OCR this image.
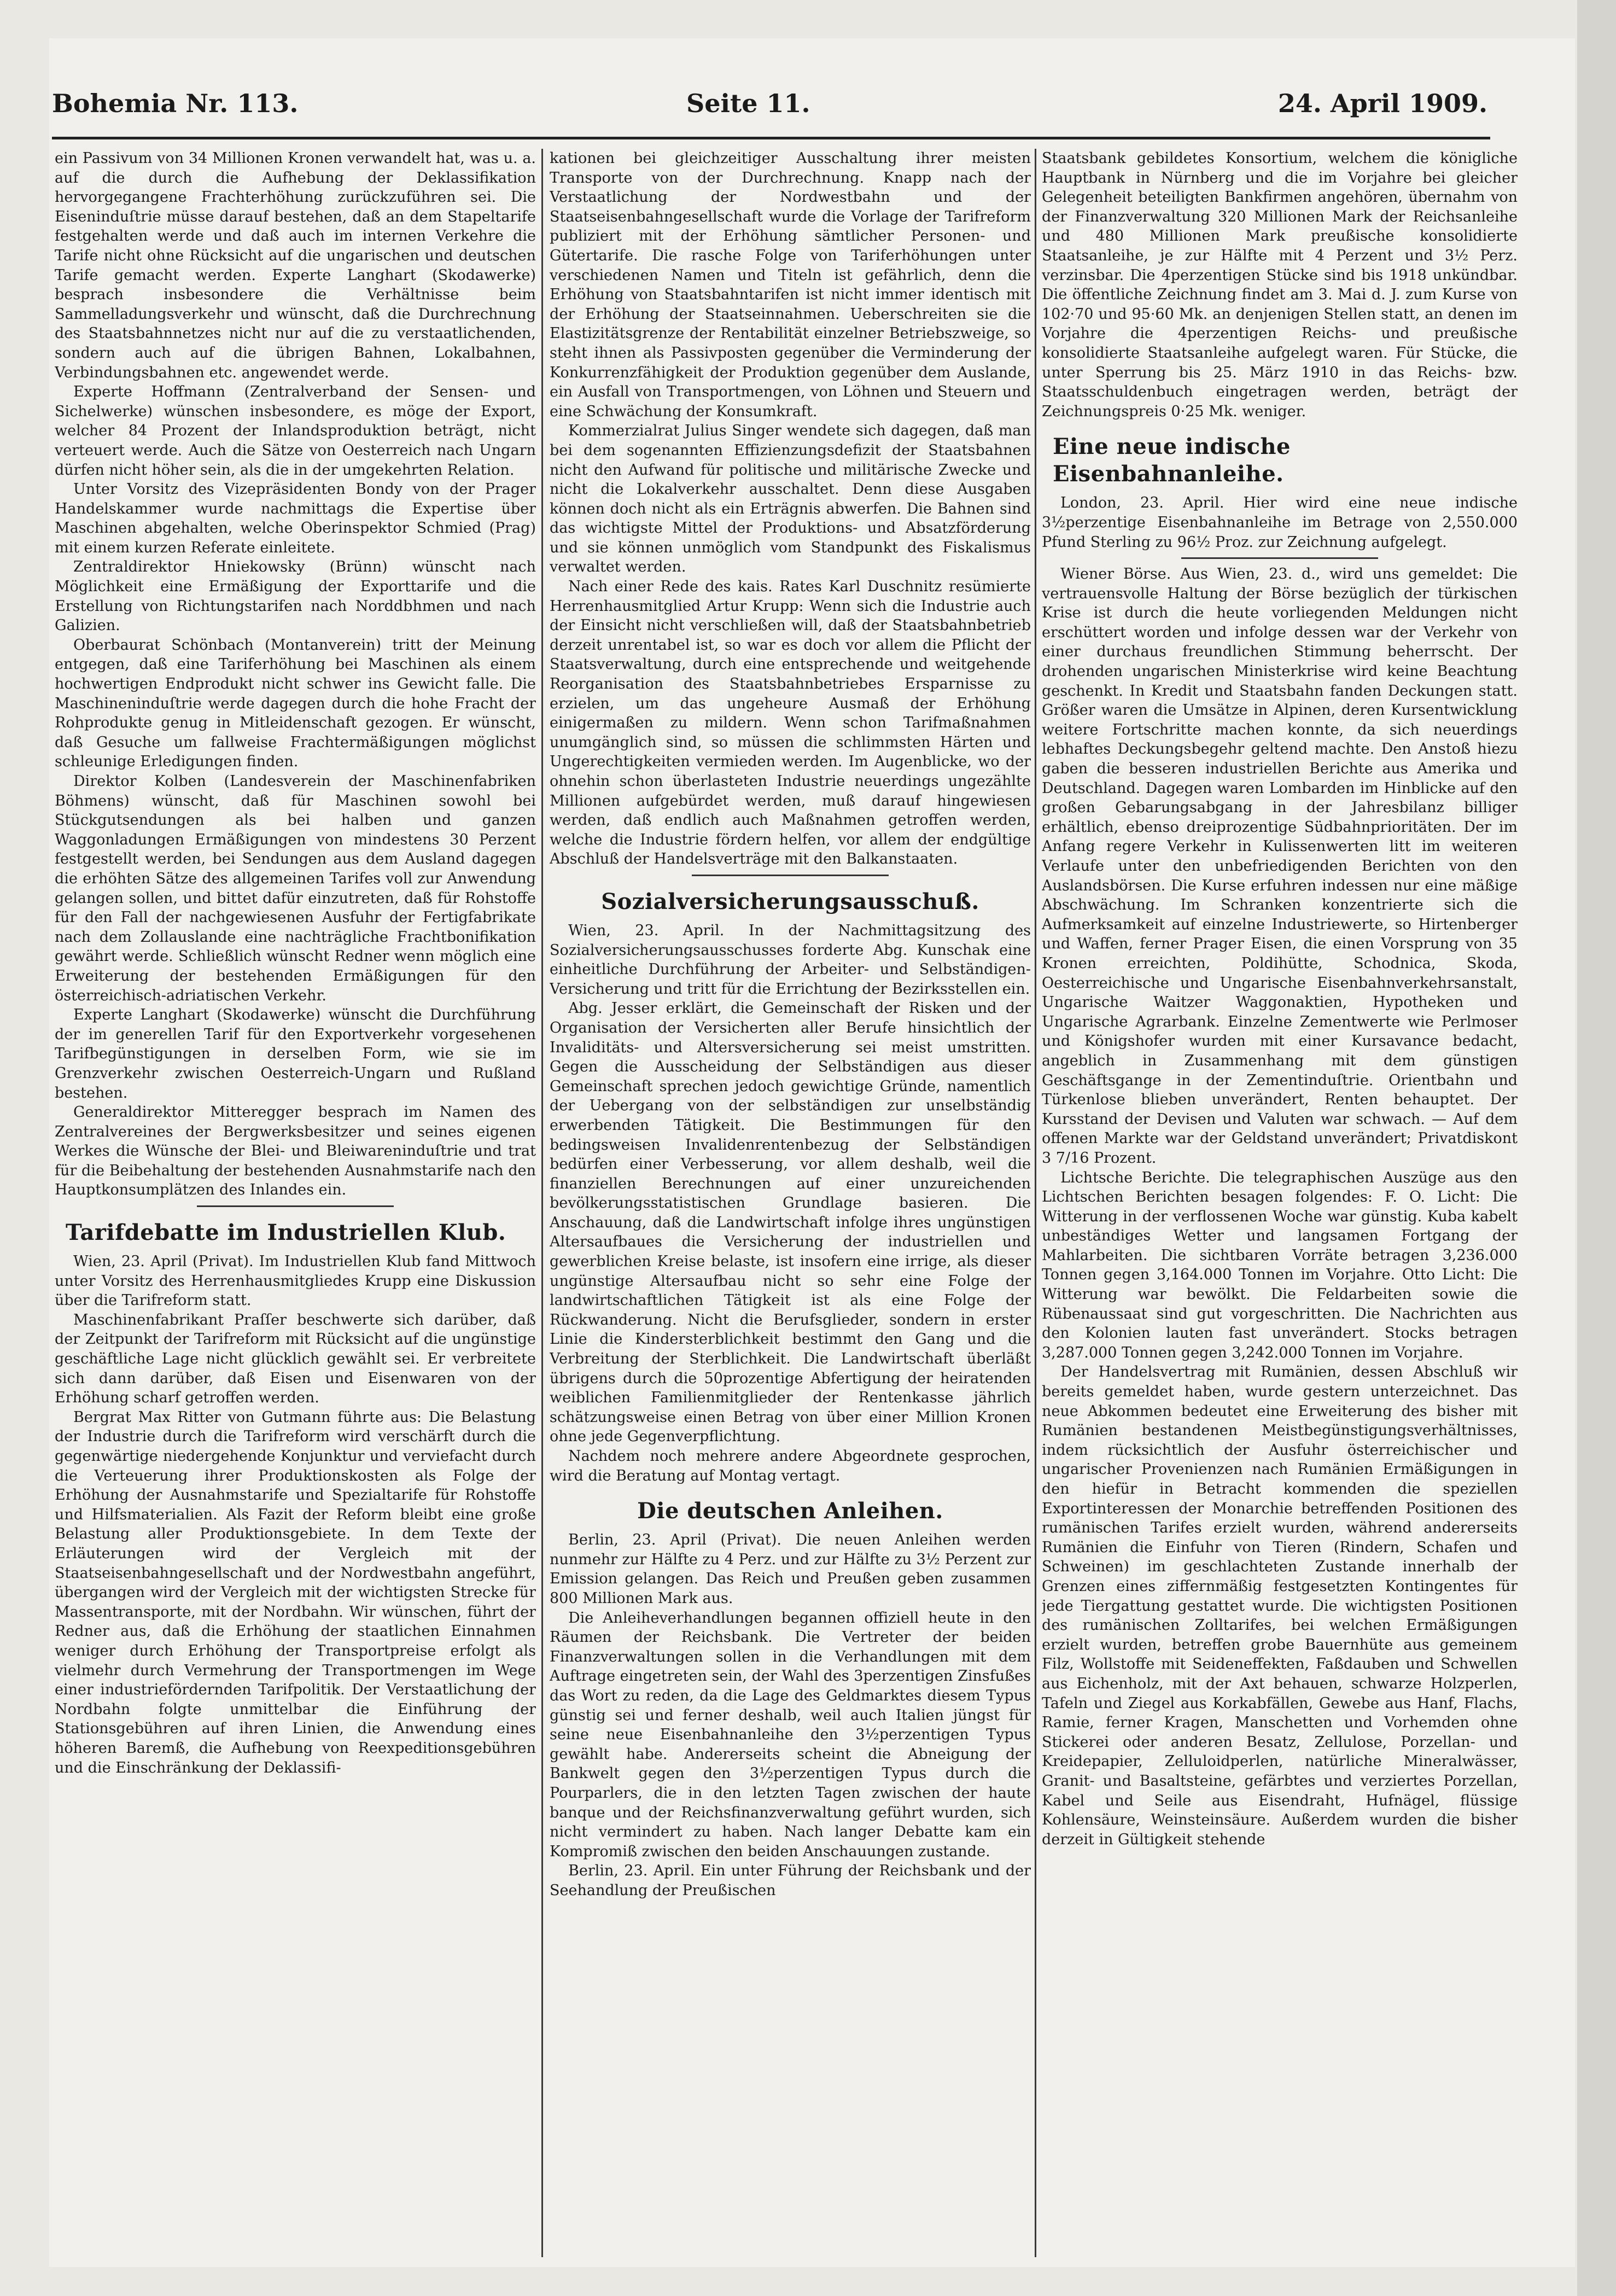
Bohemia Nr. 113.	Seite 11.	24. April 1909.

ein Passivum von 34 Millionen Kronen verwandelt hat, was u. a. auf die durch die Aufhebung der Deklassifikation hervorgegangene Frachterhöhung zurückzuführen sei. Die Eiseninduſtrie müsse darauf bestehen, daß an dem Stapeltarife festgehalten werde und daß auch im internen Verkehre die Tarife nicht ohne Rücksicht auf die ungarischen und deutschen Tarife gemacht werden. Experte Langhart (Skodawerke) besprach insbesondere die Verhältnisse beim Sammelladungsverkehr und wünscht, daß die Durchrechnung des Staatsbahnnetzes nicht nur auf die zu verstaatlichenden, sondern auch auf die übrigen Bahnen, Lokalbahnen, Verbindungsbahnen etc. angewendet werde.

Experte Hoffmann (Zentralverband der Sensen- und Sichelwerke) wünschen insbesondere, es möge der Export, welcher 84 Prozent der Inlandsproduktion beträgt, nicht verteuert werde. Auch die Sätze von Oesterreich nach Ungarn dürfen nicht höher sein, als die in der umgekehrten Relation.

Unter Vorsitz des Vizepräsidenten Bondy von der Prager Handelskammer wurde nachmittags die Expertise über Maschinen abgehalten, welche Oberinspektor Schmied (Prag) mit einem kurzen Referate einleitete.

Zentraldirektor Hniekowsky (Brünn) wünscht nach Möglichkeit eine Ermäßigung der Exporttarife und die Erstellung von Richtungstarifen nach Norddbhmen und nach Galizien.

Oberbaurat Schönbach (Montanverein) tritt der Meinung entgegen, daß eine Tariferhöhung bei Maschinen als einem hochwertigen Endprodukt nicht schwer ins Gewicht falle. Die Maschineninduſtrie werde dagegen durch die hohe Fracht der Rohprodukte genug in Mitleidenschaft gezogen. Er wünscht, daß Gesuche um fallweise Frachtermäßigungen möglichst schleunige Erledigungen finden.

Direktor Kolben (Landesverein der Maschinenfabriken Böhmens) wünscht, daß für Maschinen sowohl bei Stückgutsendungen als bei halben und ganzen Waggonladungen Ermäßigungen von mindestens 30 Perzent festgestellt werden, bei Sendungen aus dem Ausland dagegen die erhöhten Sätze des allgemeinen Tarifes voll zur Anwendung gelangen sollen, und bittet dafür einzutreten, daß für Rohstoffe für den Fall der nachgewiesenen Ausfuhr der Fertigfabrikate nach dem Zollauslande eine nachträgliche Frachtbonifikation gewährt werde. Schließlich wünscht Redner wenn möglich eine Erweiterung der bestehenden Ermäßigungen für den österreichisch-adriatischen Verkehr.

Experte Langhart (Skodawerke) wünscht die Durchführung der im generellen Tarif für den Exportverkehr vorgesehenen Tarifbegünstigungen in derselben Form, wie sie im Grenzverkehr zwischen Oesterreich-Ungarn und Rußland bestehen.

Generaldirektor Mitteregger besprach im Namen des Zentralvereines der Bergwerksbesitzer und seines eigenen Werkes die Wünsche der Blei- und Bleiwareninduſtrie und trat für die Beibehaltung der bestehenden Ausnahmstarife nach den Hauptkonsumplätzen des Inlandes ein.

Tarifdebatte im Industriellen Klub.

Wien, 23. April (Privat). Im Industriellen Klub fand Mittwoch unter Vorsitz des Herrenhausmitgliedes Krupp eine Diskussion über die Tarifreform statt.

Maschinenfabrikant Praſſer beschwerte sich darüber, daß der Zeitpunkt der Tarifreform mit Rücksicht auf die ungünstige geschäftliche Lage nicht glücklich gewählt sei. Er verbreitete sich dann darüber, daß Eisen und Eisenwaren von der Erhöhung scharf getroffen werden.

Bergrat Max Ritter von Gutmann führte aus: Die Belastung der Industrie durch die Tarifreform wird verschärft durch die gegenwärtige niedergehende Konjunktur und verviefacht durch die Verteuerung ihrer Produktionskosten als Folge der Erhöhung der Ausnahmstarife und Spezialtarife für Rohstoffe und Hilfsmaterialien. Als Fazit der Reform bleibt eine große Belastung aller Produktionsgebiete. In dem Texte der Erläuterungen wird der Vergleich mit der Staatseisenbahngesellschaft und der Nordwestbahn angeführt, übergangen wird der Vergleich mit der wichtigsten Strecke für Massentransporte, mit der Nordbahn. Wir wünschen, führt der Redner aus, daß die Erhöhung der staatlichen Einnahmen weniger durch Erhöhung der Transportpreise erfolgt als vielmehr durch Vermehrung der Transportmengen im Wege einer industriefördernden Tarifpolitik. Der Verstaatlichung der Nordbahn folgte unmittelbar die Einführung der Stationsgebühren auf ihren Linien, die Anwendung eines höheren Baremß, die Aufhebung von Reexpeditionsgebühren und die Einschränkung der Deklassifi-

kationen bei gleichzeitiger Ausschaltung ihrer meisten Transporte von der Durchrechnung. Knapp nach der Verstaatlichung der Nordwestbahn und der Staatseisenbahngesellschaft wurde die Vorlage der Tarifreform publiziert mit der Erhöhung sämtlicher Personen- und Gütertarife. Die rasche Folge von Tariferhöhungen unter verschiedenen Namen und Titeln ist gefährlich, denn die Erhöhung von Staatsbahntarifen ist nicht immer identisch mit der Erhöhung der Staatseinnahmen. Ueberschreiten sie die Elastizitätsgrenze der Rentabilität einzelner Betriebszweige, so steht ihnen als Passivposten gegenüber die Verminderung der Konkurrenzfähigkeit der Produktion gegenüber dem Auslande, ein Ausfall von Transportmengen, von Löhnen und Steuern und eine Schwächung der Konsumkraft.

Kommerzialrat Julius Singer wendete sich dagegen, daß man bei dem sogenannten Effizienzungsdefizit der Staatsbahnen nicht den Aufwand für politische und militärische Zwecke und nicht die Lokalverkehr ausschaltet. Denn diese Ausgaben können doch nicht als ein Erträgnis abwerfen. Die Bahnen sind das wichtigste Mittel der Produktions- und Absatzförderung und sie können unmöglich vom Standpunkt des Fiskalismus verwaltet werden.

Nach einer Rede des kais. Rates Karl Duschnitz resümierte Herrenhausmitglied Artur Krupp: Wenn sich die Industrie auch der Einsicht nicht verschließen will, daß der Staatsbahnbetrieb derzeit unrentabel ist, so war es doch vor allem die Pflicht der Staatsverwaltung, durch eine entsprechende und weitgehende Reorganisation des Staatsbahnbetriebes Ersparnisse zu erzielen, um das ungeheure Ausmaß der Erhöhung einigermaßen zu mildern. Wenn schon Tarifmaßnahmen unumgänglich sind, so müssen die schlimmsten Härten und Ungerechtigkeiten vermieden werden. Im Augenblicke, wo der ohnehin schon überlasteten Industrie neuerdings ungezählte Millionen aufgebürdet werden, muß darauf hingewiesen werden, daß endlich auch Maßnahmen getroffen werden, welche die Industrie fördern helfen, vor allem der endgültige Abschluß der Handelsverträge mit den Balkanstaaten.

Sozialversicherungsausschuß.

Wien, 23. April. In der Nachmittagsitzung des Sozialversicherungsausschusses forderte Abg. Kunschak eine einheitliche Durchführung der Arbeiter- und Selbständigen-Versicherung und tritt für die Errichtung der Bezirksstellen ein.

Abg. Jesser erklärt, die Gemeinschaft der Risken und der Organisation der Versicherten aller Berufe hinsichtlich der Invaliditäts- und Altersversicherung sei meist umstritten. Gegen die Ausscheidung der Selbständigen aus dieser Gemeinschaft sprechen jedoch gewichtige Gründe, namentlich der Uebergang von der selbständigen zur unselbständig erwerbenden Tätigkeit. Die Bestimmungen für den bedingsweisen Invalidenrentenbezug der Selbständigen bedürfen einer Verbesserung, vor allem deshalb, weil die finanziellen Berechnungen auf einer unzureichenden bevölkerungsstatistischen Grundlage basieren. Die Anschauung, daß die Landwirtschaft infolge ihres ungünstigen Altersaufbaues die Versicherung der industriellen und gewerblichen Kreise belaste, ist insofern eine irrige, als dieser ungünstige Altersaufbau nicht so sehr eine Folge der landwirtschaftlichen Tätigkeit ist als eine Folge der Rückwanderung. Nicht die Berufsglieder, sondern in erster Linie die Kindersterblichkeit bestimmt den Gang und die Verbreitung der Sterblichkeit. Die Landwirtschaft überläßt übrigens durch die 50prozentige Abfertigung der heiratenden weiblichen Familienmitglieder der Rentenkasse jährlich schätzungsweise einen Betrag von über einer Million Kronen ohne jede Gegenverpflichtung.

Nachdem noch mehrere andere Abgeordnete gesprochen, wird die Beratung auf Montag vertagt.

Die deutschen Anleihen.

Berlin, 23. April (Privat). Die neuen Anleihen werden nunmehr zur Hälfte zu 4 Perz. und zur Hälfte zu 3½ Perzent zur Emission gelangen. Das Reich und Preußen geben zusammen 800 Millionen Mark aus.

Die Anleiheverhandlungen begannen offiziell heute in den Räumen der Reichsbank. Die Vertreter der beiden Finanzverwaltungen sollen in die Verhandlungen mit dem Auftrage eingetreten sein, der Wahl des 3perzentigen Zinsfußes das Wort zu reden, da die Lage des Geldmarktes diesem Typus günstig sei und ferner deshalb, weil auch Italien jüngst für seine neue Eisenbahnanleihe den 3½perzentigen Typus gewählt habe. Andererseits scheint die Abneigung der Bankwelt gegen den 3½perzentigen Typus durch die Pourparlers, die in den letzten Tagen zwischen der haute banque und der Reichsfinanzverwaltung geführt wurden, sich nicht vermindert zu haben. Nach langer Debatte kam ein Kompromiß zwischen den beiden Anschauungen zustande.

Berlin, 23. April. Ein unter Führung der Reichsbank und der Seehandlung der Preußischen

Staatsbank gebildetes Konsortium, welchem die königliche Hauptbank in Nürnberg und die im Vorjahre bei gleicher Gelegenheit beteiligten Bankfirmen angehören, übernahm von der Finanzverwaltung 320 Millionen Mark der Reichsanleihe und 480 Millionen Mark preußische konsolidierte Staatsanleihe, je zur Hälfte mit 4 Perzent und 3½ Perz. verzinsbar. Die 4perzentigen Stücke sind bis 1918 unkündbar. Die öffentliche Zeichnung findet am 3. Mai d. J. zum Kurse von 102·70 und 95·60 Mk. an denjenigen Stellen statt, an denen im Vorjahre die 4perzentigen Reichs- und preußische konsolidierte Staatsanleihe aufgelegt waren. Für Stücke, die unter Sperrung bis 25. März 1910 in das Reichs- bzw. Staatsschuldenbuch eingetragen werden, beträgt der Zeichnungspreis 0·25 Mk. weniger.

Eine neue indische Eisenbahnanleihe.

London, 23. April. Hier wird eine neue indische 3½perzentige Eisenbahnanleihe im Betrage von 2,550.000 Pfund Sterling zu 96½ Proz. zur Zeichnung aufgelegt.

Wiener Börse. Aus Wien, 23. d., wird uns gemeldet: Die vertrauensvolle Haltung der Börse bezüglich der türkischen Krise ist durch die heute vorliegenden Meldungen nicht erschüttert worden und infolge dessen war der Verkehr von einer durchaus freundlichen Stimmung beherrscht. Der drohenden ungarischen Ministerkrise wird keine Beachtung geschenkt. In Kredit und Staatsbahn fanden Deckungen statt. Größer waren die Umsätze in Alpinen, deren Kursentwicklung weitere Fortschritte machen konnte, da sich neuerdings lebhaftes Deckungsbegehr geltend machte. Den Anstoß hiezu gaben die besseren industriellen Berichte aus Amerika und Deutschland. Dagegen waren Lombarden im Hinblicke auf den großen Gebarungsabgang in der Jahresbilanz billiger erhältlich, ebenso dreiprozentige Südbahnprioritäten. Der im Anfang regere Verkehr in Kulissenwerten litt im weiteren Verlaufe unter den unbefriedigenden Berichten von den Auslandsbörsen. Die Kurse erfuhren indessen nur eine mäßige Abschwächung. Im Schranken konzentrierte sich die Aufmerksamkeit auf einzelne Industriewerte, so Hirtenberger und Waffen, ferner Prager Eisen, die einen Vorsprung von 35 Kronen erreichten, Poldihütte, Schodnica, Skoda, Oesterreichische und Ungarische Eisenbahnverkehrsanstalt, Ungarische Waitzer Waggonaktien, Hypotheken und Ungarische Agrarbank. Einzelne Zementwerte wie Perlmoser und Königshofer wurden mit einer Kursavance bedacht, angeblich in Zusammenhang mit dem günstigen Geschäftsgange in der Zementinduſtrie. Orientbahn und Türkenlose blieben unverändert, Renten behauptet. Der Kursstand der Devisen und Valuten war schwach. — Auf dem offenen Markte war der Geldstand unverändert; Privatdiskont 3 7/16 Prozent.

Lichtsche Berichte. Die telegraphischen Auszüge aus den Lichtschen Berichten besagen folgendes: F. O. Licht: Die Witterung in der verflossenen Woche war günstig. Kuba kabelt unbeständiges Wetter und langsamen Fortgang der Mahlarbeiten. Die sichtbaren Vorräte betragen 3,236.000 Tonnen gegen 3,164.000 Tonnen im Vorjahre. Otto Licht: Die Witterung war bewölkt. Die Feldarbeiten sowie die Rübenaussaat sind gut vorgeschritten. Die Nachrichten aus den Kolonien lauten fast unverändert. Stocks betragen 3,287.000 Tonnen gegen 3,242.000 Tonnen im Vorjahre.

Der Handelsvertrag mit Rumänien, dessen Abschluß wir bereits gemeldet haben, wurde gestern unterzeichnet. Das neue Abkommen bedeutet eine Erweiterung des bisher mit Rumänien bestandenen Meistbegünstigungsverhältnisses, indem rücksichtlich der Ausfuhr österreichischer und ungarischer Provenienzen nach Rumänien Ermäßigungen in den hiefür in Betracht kommenden die speziellen Exportinteressen der Monarchie betreffenden Positionen des rumänischen Tarifes erzielt wurden, während andererseits Rumänien die Einfuhr von Tieren (Rindern, Schafen und Schweinen) im geschlachteten Zustande innerhalb der Grenzen eines ziffernmäßig festgesetzten Kontingentes für jede Tiergattung gestattet wurde. Die wichtigsten Positionen des rumänischen Zolltarifes, bei welchen Ermäßigungen erzielt wurden, betreffen grobe Bauernhüte aus gemeinem Filz, Wollstoffe mit Seideneffekten, Faßdauben und Schwellen aus Eichenholz, mit der Axt behauen, schwarze Holzperlen, Tafeln und Ziegel aus Korkabfällen, Gewebe aus Hanf, Flachs, Ramie, ferner Kragen, Manschetten und Vorhemden ohne Stickerei oder anderen Besatz, Zellulose, Porzellan- und Kreidepapier, Zelluloidperlen, natürliche Mineralwässer, Granit- und Basaltsteine, gefärbtes und verziertes Porzellan, Kabel und Seile aus Eisendraht, Hufnägel, flüssige Kohlensäure, Weinsteinsäure. Außerdem wurden die bisher derzeit in Gültigkeit stehende
